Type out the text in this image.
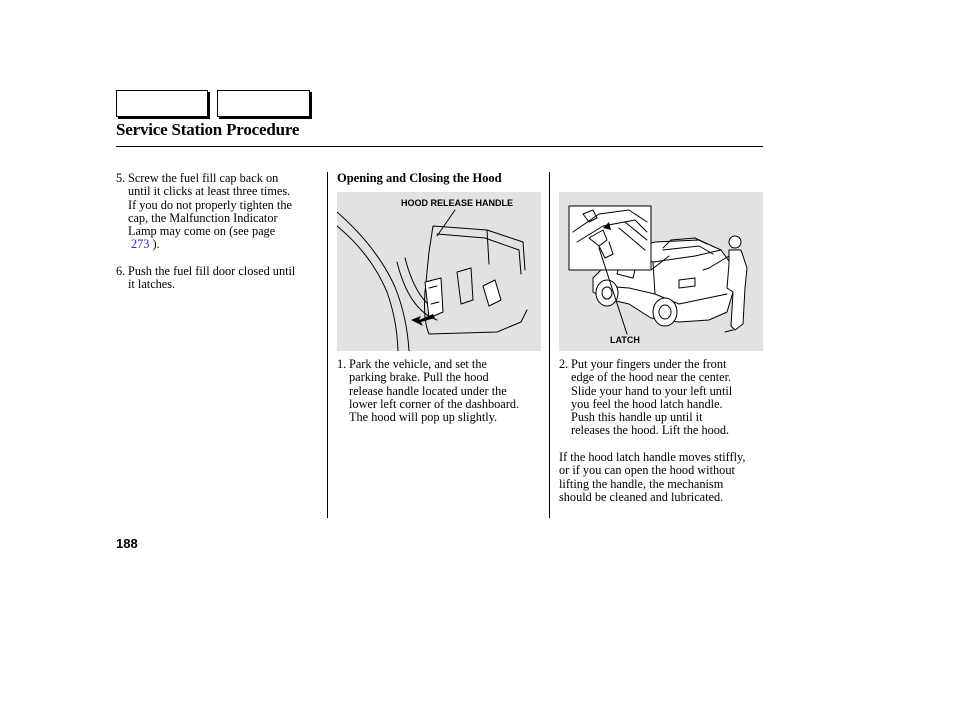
Service Station Procedure
5. Screw the fuel fill cap back on
until it clicks at least three times.
If you do not properly tighten the
cap, the Malfunction Indicator
Lamp may come on (see page
273 ).
6. Push the fuel fill door closed until
it latches.
Opening and Closing the Hood
HOOD RELEASE HANDLE
1. Park the vehicle, and set the
parking brake. Pull the hood
release handle located under the
lower left corner of the dashboard.
The hood will pop up slightly.
LATCH
2. Put your fingers under the front
edge of the hood near the center.
Slide your hand to your left until
you feel the hood latch handle.
Push this handle up until it
releases the hood. Lift the hood.
If the hood latch handle moves stiffly,
or if you can open the hood without
lifting the handle, the mechanism
should be cleaned and lubricated.
188
